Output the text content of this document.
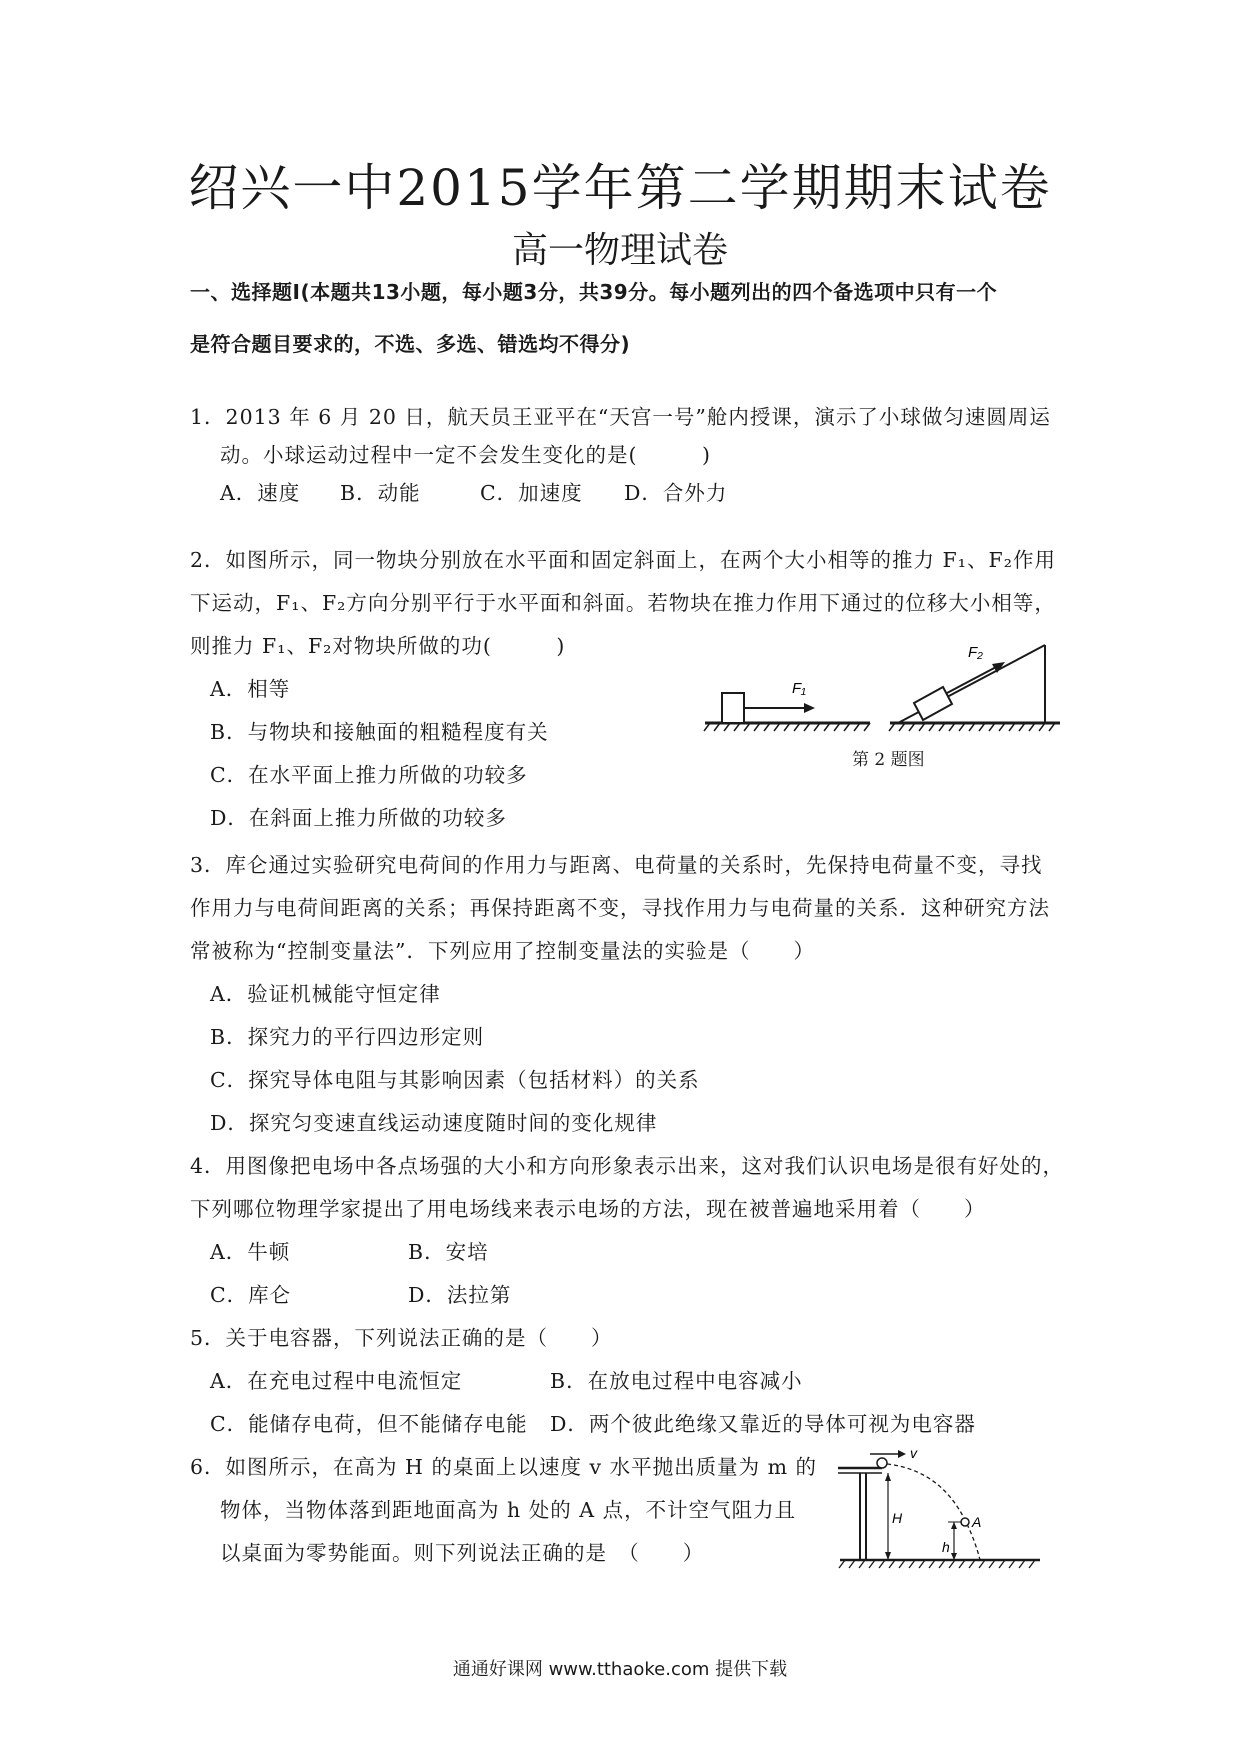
绍兴一中2015学年第二学期期末试卷
高一物理试卷
一、选择题Ⅰ(本题共13小题，每小题3分，共39分。每小题列出的四个备选项中只有一个
是符合题目要求的，不选、多选、错选均不得分)
1．2013 年 6 月 20 日，航天员王亚平在“天宫一号”舱内授课，演示了小球做匀速圆周运
动。小球运动过程中一定不会发生变化的是(　　　)
A．速度 B．动能	C．加速度 D．合外力
2．如图所示，同一物块分别放在水平面和固定斜面上，在两个大小相等的推力 F₁、F₂作用
下运动，F₁、F₂方向分别平行于水平面和斜面。若物块在推力作用下通过的位移大小相等，
则推力 F₁、F₂对物块所做的功(　　　)
A．相等
B．与物块和接触面的粗糙程度有关
C．在水平面上推力所做的功较多
D．在斜面上推力所做的功较多
F₁
F₂
第 2 题图
3．库仑通过实验研究电荷间的作用力与距离、电荷量的关系时，先保持电荷量不变，寻找
作用力与电荷间距离的关系；再保持距离不变，寻找作用力与电荷量的关系．这种研究方法
常被称为“控制变量法”．下列应用了控制变量法的实验是（　　）
A．验证机械能守恒定律
B．探究力的平行四边形定则
C．探究导体电阻与其影响因素（包括材料）的关系
D．探究匀变速直线运动速度随时间的变化规律
4．用图像把电场中各点场强的大小和方向形象表示出来，这对我们认识电场是很有好处的，
下列哪位物理学家提出了用电场线来表示电场的方法，现在被普遍地采用着（　　）
A．牛顿	B．安培
C．库仑	D．法拉第
5．关于电容器，下列说法正确的是（　　）
A．在充电过程中电流恒定	B．在放电过程中电容减小
C．能储存电荷，但不能储存电能 D．两个彼此绝缘又靠近的导体可视为电容器
6．如图所示，在高为 H 的桌面上以速度 v 水平抛出质量为 m 的
物体，当物体落到距地面高为 h 处的 A 点，不计空气阻力且
以桌面为零势能面。则下列说法正确的是　（　　）
v
H	A
h
通通好课网 www.tthaoke.com 提供下载
